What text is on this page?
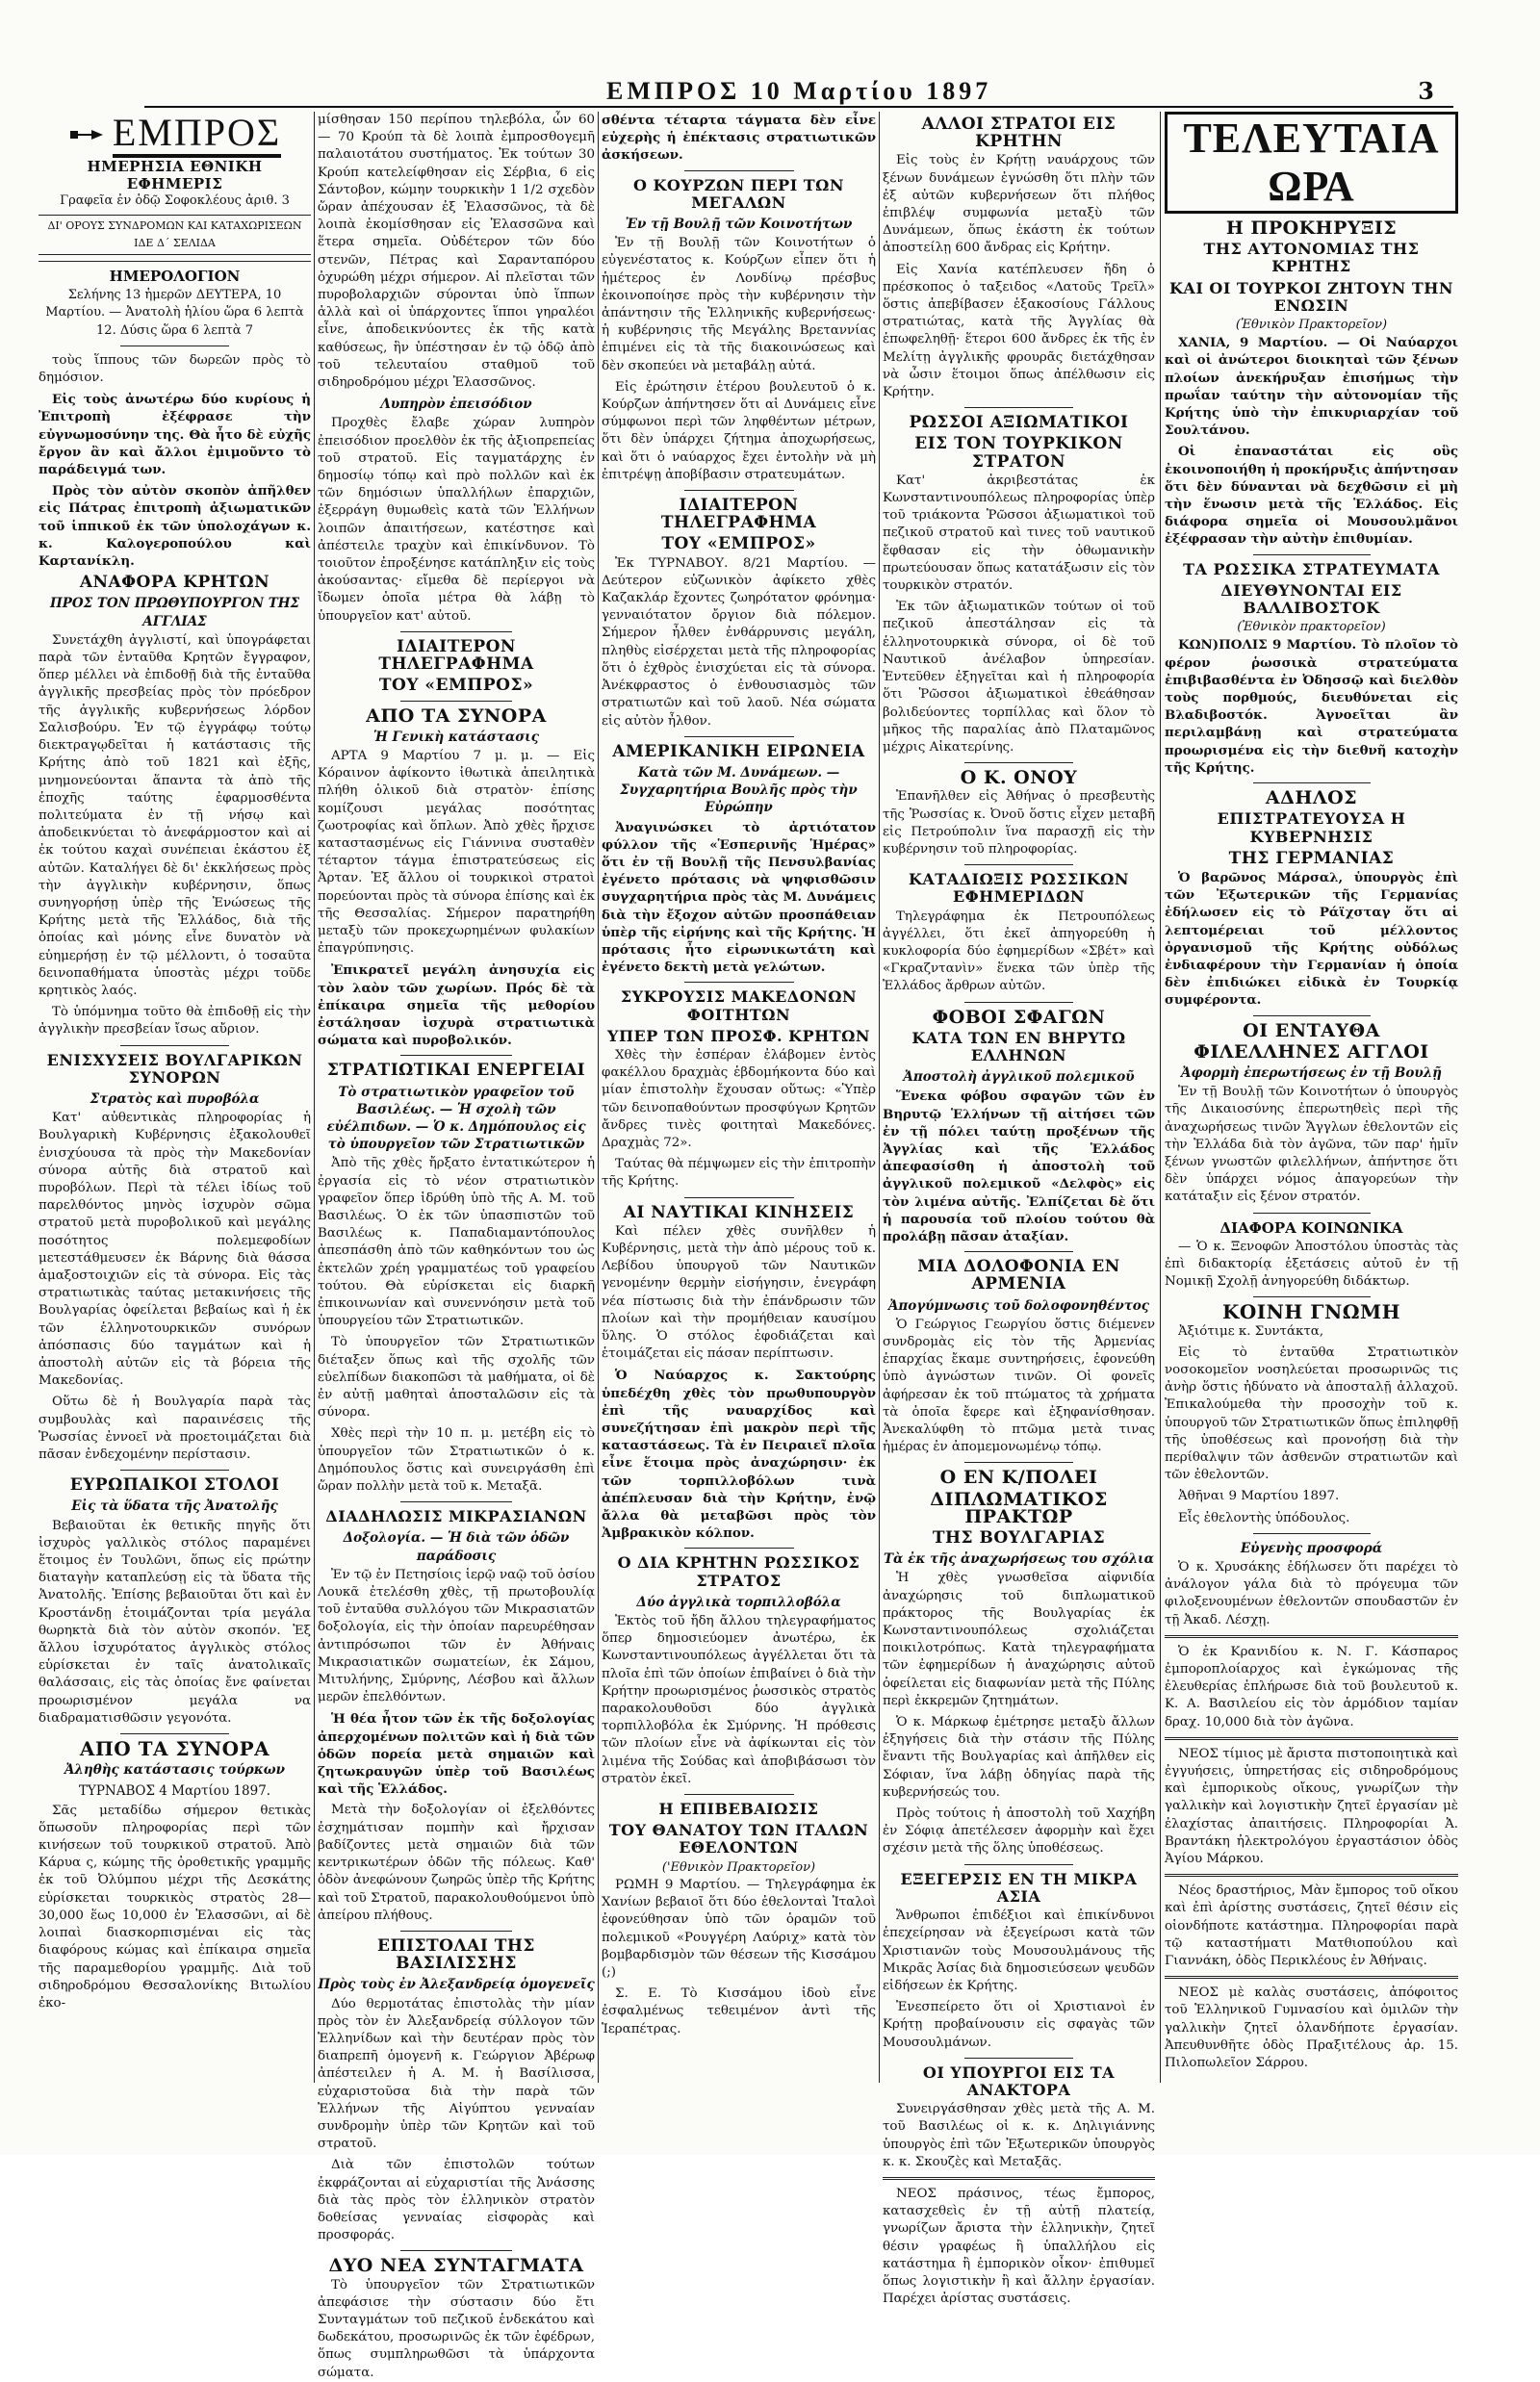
ΕΜΠΡΟΣ 10 Μαρτίου 1897	3
ΕΜΠΡΟΣ
ΗΜΕΡΗΣΙΑ ΕΘΝΙΚΗ ΕΦΗΜΕΡΙΣ
Γραφεῖα ἐν ὁδῷ Σοφοκλέους ἀριθ. 3
ΔΙ' ΟΡΟΥΣ ΣΥΝΔΡΟΜΩΝ ΚΑΙ ΚΑΤΑΧΩΡΙΣΕΩΝ ΙΔΕ Δ΄ ΣΕΛΙΔΑ
ΗΜΕΡΟΛΟΓΙΟΝ
Σελήνης 13 ἡμερῶν ΔΕΥΤΕΡΑ, 10 Μαρτίου. — Ἀνατολὴ ἡλίου ὥρα 6 λεπτὰ 12. Δύσις ὥρα 6 λεπτὰ 7

τοὺς ἵππους τῶν δωρεῶν πρὸς τὸ δημόσιον.

Εἰς τοὺς ἀνωτέρω δύο κυρίους ἡ Ἐπιτροπὴ ἐξέφρασε τὴν εὐγνωμοσύνην της. Θὰ ἦτο δὲ εὐχῆς ἔργον ἂν καὶ ἄλλοι ἐμιμοῦντο τὸ παράδειγμά των.

Πρὸς τὸν αὐτὸν σκοπὸν ἀπῆλθεν εἰς Πάτρας ἐπιτροπὴ ἀξιωματικῶν τοῦ ἱππικοῦ ἐκ τῶν ὑπολοχάγων κ. κ. Καλογεροπούλου καὶ Καρτανίκλη.

ΑΝΑΦΟΡΑ ΚΡΗΤΩΝ
ΠΡΟΣ ΤΟΝ ΠΡΩΘΥΠΟΥΡΓΟΝ ΤΗΣ ΑΓΓΛΙΑΣ

Συνετάχθη ἀγγλιστί, καὶ ὑπογράφεται παρὰ τῶν ἐνταῦθα Κρητῶν ἔγγραφον, ὅπερ μέλλει νὰ ἐπιδοθῇ διὰ τῆς ἐνταῦθα ἀγγλικῆς πρεσβείας πρὸς τὸν πρόεδρον τῆς ἀγγλικῆς κυβερνήσεως λόρδον Σαλισβούρυ. Ἐν τῷ ἐγγράφῳ τούτῳ διεκτραγῳδεῖται ἡ κατάστασις τῆς Κρήτης ἀπὸ τοῦ 1821 καὶ ἐξῆς, μνημονεύονται ἅπαντα τὰ ἀπὸ τῆς ἐποχῆς ταύτης ἐφαρμοσθέντα πολιτεύματα ἐν τῇ νήσῳ καὶ ἀποδεικνύεται τὸ ἀνεφάρμοστον καὶ αἱ ἐκ τούτου καχαὶ συνέπειαι ἑκάστου ἐξ αὐτῶν. Καταλήγει δὲ δι' ἐκκλήσεως πρὸς τὴν ἀγγλικὴν κυβέρνησιν, ὅπως συνηγορήσῃ ὑπὲρ τῆς Ἑνώσεως τῆς Κρήτης μετὰ τῆς Ἑλλάδος, διὰ τῆς ὁποίας καὶ μόνης εἶνε δυνατὸν νὰ εὐημερήσῃ ἐν τῷ μέλλοντι, ὁ τοσαῦτα δεινοπαθήματα ὑποστὰς μέχρι τοῦδε κρητικὸς λαός.

Τὸ ὑπόμνημα τοῦτο θὰ ἐπιδοθῇ εἰς τὴν ἀγγλικὴν πρεσβείαν ἴσως αὔριον.

ΕΝΙΣΧΥΣΕΙΣ ΒΟΥΛΓΑΡΙΚΩΝ ΣΥΝΟΡΩΝ
Στρατὸς καὶ πυροβόλα

Κατ' αὐθεντικὰς πληροφορίας ἡ Βουλγαρικὴ Κυβέρνησις ἐξακολουθεῖ ἐνισχύουσα τὰ πρὸς τὴν Μακεδονίαν σύνορα αὐτῆς διὰ στρατοῦ καὶ πυροβόλων. Περὶ τὰ τέλει ἰδίως τοῦ παρελθόντος μηνὸς ἰσχυρὸν σῶμα στρατοῦ μετὰ πυροβολικοῦ καὶ μεγάλης ποσότητος πολεμεφοδίων μετεστάθμευσεν ἐκ Βάρνης διὰ θάσσα ἀμαξοστοιχιῶν εἰς τὰ σύνορα. Εἰς τὰς στρατιωτικὰς ταύτας μετακινήσεις τῆς Βουλγαρίας ὀφείλεται βεβαίως καὶ ἡ ἐκ τῶν ἑλληνοτουρκικῶν συνόρων ἀπόσπασις δύο ταγμάτων καὶ ἡ ἀποστολὴ αὐτῶν εἰς τὰ βόρεια τῆς Μακεδονίας.

Οὕτω δὲ ἡ Βουλγαρία παρὰ τὰς συμβουλὰς καὶ παραινέσεις τῆς Ῥωσσίας ἐννοεῖ νὰ προετοιμάζεται διὰ πᾶσαν ἐνδεχομένην περίστασιν.

ΕΥΡΩΠΑΙΚΟΙ ΣΤΟΛΟΙ
Εἰς τὰ ὕδατα τῆς Ἀνατολῆς

Βεβαιοῦται ἐκ θετικῆς πηγῆς ὅτι ἰσχυρὸς γαλλικὸς στόλος παραμένει ἕτοιμος ἐν Τουλῶνι, ὅπως εἰς πρώτην διαταγὴν καταπλεύσῃ εἰς τὰ ὕδατα τῆς Ἀνατολῆς. Ἐπίσης βεβαιοῦται ὅτι καὶ ἐν Κροστάνδῃ ἑτοιμάζονται τρία μεγάλα θωρηκτὰ διὰ τὸν αὐτὸν σκοπόν. Ἐξ ἄλλου ἰσχυρότατος ἀγγλικὸς στόλος εὑρίσκεται ἐν ταῖς ἀνατολικαῖς θαλάσσαις, εἰς τὰς ὁποίας ἔνε φαίνεται προωρισμένον μεγάλα να διαδραματισθῶσιν γεγονότα.

ΑΠΟ ΤΑ ΣΥΝΟΡΑ
Ἀληθὴς κατάστασις τούρκων
ΤΥΡΝΑΒΟΣ 4 Μαρτίου 1897.

Σᾶς μεταδίδω σήμερον θετικὰς ὅπωσοῦν πληροφορίας περὶ τῶν κινήσεων τοῦ τουρκικοῦ στρατοῦ. Ἀπὸ Κάρυα ς, κώμης τῆς ὀροθετικῆς γραμμῆς ἐκ τοῦ Ὀλύμπου μέχρι τῆς Δεσκάτης εὑρίσκεται τουρκικὸς στρατὸς 28—30,000 ἕως 10,000 ἐν Ἐλασσῶνι, αἱ δὲ λοιπαὶ διασκορπισμέναι εἰς τὰς διαφόρους κώμας καὶ ἐπίκαιρα σημεῖα τῆς παραμεθορίου γραμμῆς. Διὰ τοῦ σιδηροδρόμου Θεσσαλονίκης Βιτωλίου ἐκο-

μίσθησαν 150 περίπου τηλεβόλα, ὧν 60 — 70 Κρούπ τὰ δὲ λοιπὰ ἐμπροσθογεμῆ παλαιοτάτου συστήματος. Ἐκ τούτων 30 Κρούπ κατελείφθησαν εἰς Σέρβια, 6 εἰς Σάντοβον, κώμην τουρκικὴν 1 1/2 σχεδὸν ὥραν ἀπέχουσαν ἐξ Ἐλασσῶνος, τὰ δὲ λοιπὰ ἐκομίσθησαν εἰς Ἐλασσῶνα καὶ ἕτερα σημεῖα. Οὐδέτερον τῶν δύο στενῶν, Πέτρας καὶ Σαρανταπόρου ὀχυρώθη μέχρι σήμερον. Αἱ πλεῖσται τῶν πυροβολαρχιῶν σύρονται ὑπὸ ἵππων ἀλλὰ καὶ οἱ ὑπάρχοντες ἵπποι γηραλέοι εἶνε, ἀποδεικνύοντες ἐκ τῆς κατὰ καθύσεως, ἣν ὑπέστησαν ἐν τῷ ὁδῷ ἀπὸ τοῦ τελευταίου σταθμοῦ τοῦ σιδηροδρόμου μέχρι Ἐλασσῶνος.

Λυπηρὸν ἐπεισόδιον

Προχθὲς ἔλαβε χώραν λυπηρὸν ἐπεισόδιον προελθὸν ἐκ τῆς ἀξιοπρεπείας τοῦ στρατοῦ. Εἰς ταγματάρχης ἐν δημοσίῳ τόπῳ καὶ πρὸ πολλῶν καὶ ἐκ τῶν δημόσιων ὑπαλλήλων ἐπαρχιῶν, ἐξερράγη θυμωθεὶς κατὰ τῶν Ἑλλήνων λοιπῶν ἀπαιτήσεων, κατέστησε καὶ ἀπέστειλε τραχὺν καὶ ἐπικίνδυνον. Τὸ τοιοῦτον ἐπροξένησε κατάπληξιν εἰς τοὺς ἀκούσαντας· εἴμεθα δὲ περίεργοι νὰ ἴδωμεν ὁποῖα μέτρα θὰ λάβῃ τὸ ὑπουργεῖον κατ' αὐτοῦ.

ΙΔΙΑΙΤΕΡΟΝ ΤΗΛΕΓΡΑΦΗΜΑ
ΤΟΥ «ΕΜΠΡΟΣ»
ΑΠΟ ΤΑ ΣΥΝΟΡΑ
Ἡ Γενικὴ κατάστασις

ΑΡΤΑ 9 Μαρτίου 7 μ. μ. — Εἰς Κόραινον ἀφίκοντο ἰθωτικὰ ἀπειλητικὰ πλήθη ὁλικοῦ διὰ στρατὸν· ἐπίσης κομίζουσι μεγάλας ποσότητας ζωοτροφίας καὶ ὅπλων. Ἀπὸ χθὲς ἤρχισε καταστασμένως εἰς Γιάννινα συσταθὲν τέταρτον τάγμα ἐπιστρατεύσεως εἰς Ἀρταν. Ἐξ ἄλλου οἱ τουρκικοὶ στρατοὶ πορεύονται πρὸς τὰ σύνορα ἐπίσης καὶ ἐκ τῆς Θεσσαλίας. Σήμερον παρατηρήθη μεταξὺ τῶν προκεχωρημένων φυλακίων ἐπαγρύπνησις.

Ἐπικρατεῖ μεγάλη ἀνησυχία εἰς τὸν λαὸν τῶν χωρίων. Πρός δὲ τὰ ἐπίκαιρα σημεῖα τῆς μεθορίου ἐστάλησαν ἰσχυρὰ στρατιωτικὰ σώματα καὶ πυροβολικόν.

ΣΤΡΑΤΙΩΤΙΚΑΙ ΕΝΕΡΓΕΙΑΙ
Τὸ στρατιωτικὸν γραφεῖον τοῦ Βασιλέως. — Ἡ σχολὴ τῶν εὐέλπιδων. — Ὁ κ. Δημόπουλος εἰς τὸ ὑπουργεῖον τῶν Στρατιωτικῶν

Ἀπὸ τῆς χθὲς ἤρξατο ἐντατικώτερον ἡ ἐργασία εἰς τὸ νέον στρατιωτικὸν γραφεῖον ὅπερ ἱδρύθη ὑπὸ τῆς Α. Μ. τοῦ Βασιλέως. Ὁ ἐκ τῶν ὑπασπιστῶν τοῦ Βασιλέως κ. Παπαδιαμαντόπουλος ἀπεσπάσθη ἀπὸ τῶν καθηκόντων του ὡς ἐκτελῶν χρέη γραμματέως τοῦ γραφείου τούτου. Θὰ εὑρίσκεται εἰς διαρκῆ ἐπικοινωνίαν καὶ συνεννόησιν μετὰ τοῦ ὑπουργείου τῶν Στρατιωτικῶν.

Τὸ ὑπουργεῖον τῶν Στρατιωτικῶν διέταξεν ὅπως καὶ τῆς σχολῆς τῶν εὐελπίδων διακοπῶσι τὰ μαθήματα, οἱ δὲ ἐν αὐτῇ μαθηταὶ ἀποσταλῶσιν εἰς τὰ σύνορα.

Χθὲς περὶ τὴν 10 π. μ. μετέβη εἰς τὸ ὑπουργεῖον τῶν Στρατιωτικῶν ὁ κ. Δημόπουλος ὅστις καὶ συνειργάσθη ἐπὶ ὥραν πολλὴν μετὰ τοῦ κ. Μεταξᾶ.

ΔΙΑΔΗΛΩΣΙΣ ΜΙΚΡΑΣΙΑΝΩΝ
Δοξολογία. — Ἡ διὰ τῶν ὁδῶν παράδοσις

Ἐν τῷ ἐν Πετησίοις ἱερῷ ναῷ τοῦ ὁσίου Λουκᾶ ἐτελέσθη χθὲς, τῇ πρωτοβουλίᾳ τοῦ ἐνταῦθα συλλόγου τῶν Μικρασιατῶν δοξολογία, εἰς τὴν ὁποίαν παρευρέθησαν ἀντιπρόσωποι τῶν ἐν Ἀθήναις Μικρασιατικῶν σωματείων, ἐκ Σάμου, Μιτυλήνης, Σμύρνης, Λέσβου καὶ ἄλλων μερῶν ἐπελθόντων.

Ἡ θέα ἦτον τῶν ἐκ τῆς δοξολογίας ἀπερχομένων πολιτῶν καὶ ἡ διὰ τῶν ὁδῶν πορεία μετὰ σημαιῶν καὶ ζητωκραυγῶν ὑπὲρ τοῦ Βασιλέως καὶ τῆς Ἑλλάδος.

Μετὰ τὴν δοξολογίαν οἱ ἐξελθόντες ἐσχημάτισαν πομπὴν καὶ ἤρχισαν βαδίζοντες μετὰ σημαιῶν διὰ τῶν κεντρικωτέρων ὁδῶν τῆς πόλεως. Καθ' ὁδὸν ἀνεφώνουν ζωηρῶς ὑπὲρ τῆς Κρήτης καὶ τοῦ Στρατοῦ, παρακολουθούμενοι ὑπὸ ἀπείρου πλήθους.

ΕΠΙΣΤΟΛΑΙ ΤΗΣ ΒΑΣΙΛΙΣΣΗΣ
Πρὸς τοὺς ἐν Ἀλεξανδρείᾳ ὁμογενεῖς

Δύο θερμοτάτας ἐπιστολὰς τὴν μίαν πρὸς τὸν ἐν Ἀλεξανδρείᾳ σύλλογον τῶν Ἑλληνίδων καὶ τὴν δευτέραν πρὸς τὸν διαπρεπῆ ὁμογενῆ κ. Γεώργιον Ἀβέρωφ ἀπέστειλεν ἡ Α. Μ. ἡ Βασίλισσα, εὐχαριστοῦσα διὰ τὴν παρὰ τῶν Ἑλλήνων τῆς Αἰγύπτου γενναίαν συνδρομὴν ὑπὲρ τῶν Κρητῶν καὶ τοῦ στρατοῦ.

Διὰ τῶν ἐπιστολῶν τούτων ἐκφράζονται αἱ εὐχαριστίαι τῆς Ἀνάσσης διὰ τὰς πρὸς τὸν ἑλληνικὸν στρατὸν δοθείσας γενναίας εἰσφορὰς καὶ προσφοράς.

ΔΥΟ ΝΕΑ ΣΥΝΤΑΓΜΑΤΑ

Τὸ ὑπουργεῖον τῶν Στρατιωτικῶν ἀπεφάσισε τὴν σύστασιν δύο ἔτι Συνταγμάτων τοῦ πεζικοῦ ἑνδεκάτου καὶ δωδεκάτου, προσωρινῶς ἐκ τῶν ἐφέδρων, ὅπως συμπληρωθῶσι τὰ ὑπάρχοντα σώματα.

σθέντα τέταρτα τάγματα δὲν εἶνε εὐχερὴς ἡ ἐπέκτασις στρατιωτικῶν ἀσκήσεων.

Ο ΚΟΥΡΖΩΝ ΠΕΡΙ ΤΩΝ ΜΕΓΑΛΩΝ
Ἐν τῇ Βουλῇ τῶν Κοινοτήτων

Ἐν τῇ Βουλῇ τῶν Κοινοτήτων ὁ εὐγενέστατος κ. Κούρζων εἶπεν ὅτι ἡ ἡμέτερος ἐν Λονδίνῳ πρέσβυς ἐκοινοποίησε πρὸς τὴν κυβέρνησιν τὴν ἀπάντησιν τῆς Ἑλληνικῆς κυβερνήσεως· ἡ κυβέρνησις τῆς Μεγάλης Βρεταννίας ἐπιμένει εἰς τὰ τῆς διακοινώσεως καὶ δὲν σκοπεύει νὰ μεταβάλῃ αὐτά.

Εἰς ἐρώτησιν ἑτέρου βουλευτοῦ ὁ κ. Κούρζων ἀπήντησεν ὅτι αἱ Δυνάμεις εἶνε σύμφωνοι περὶ τῶν ληφθέντων μέτρων, ὅτι δὲν ὑπάρχει ζήτημα ἀποχωρήσεως, καὶ ὅτι ὁ ναύαρχος ἔχει ἐντολὴν νὰ μὴ ἐπιτρέψῃ ἀποβίβασιν στρατευμάτων.

ΙΔΙΑΙΤΕΡΟΝ ΤΗΛΕΓΡΑΦΗΜΑ
ΤΟΥ «ΕΜΠΡΟΣ»

Ἐκ ΤΥΡΝΑΒΟΥ. 8/21 Μαρτίου. — Δεύτερον εὐζωνικὸν ἀφίκετο χθὲς Καζακλάρ ἔχοντες ζωηρότατον φρόνημα· γενναιότατον ὄργιον διὰ πόλεμον. Σήμερον ἦλθεν ἐνθάρρυνσις μεγάλη, πληθὺς εἰσέρχεται μετὰ τῆς πληροφορίας ὅτι ὁ ἐχθρὸς ἐνισχύεται εἰς τὰ σύνορα. Ἀνέκφραστος ὁ ἐνθουσιασμὸς τῶν στρατιωτῶν καὶ τοῦ λαοῦ. Νέα σώματα εἰς αὐτὸν ἦλθον.

ΑΜΕΡΙΚΑΝΙΚΗ ΕΙΡΩΝΕΙΑ
Κατὰ τῶν Μ. Δυνάμεων. — Συγχαρητήρια Βουλῆς πρὸς τὴν Εὐρώπην

Ἀναγινώσκει τὸ ἀρτιότατον φύλλον τῆς «Ἑσπερινῆς Ἡμέρας» ὅτι ἐν τῇ Βουλῇ τῆς Πενσυλβανίας ἐγένετο πρότασις νὰ ψηφισθῶσιν συγχαρητήρια πρὸς τὰς Μ. Δυνάμεις διὰ τὴν ἔξοχον αὐτῶν προσπάθειαν ὑπὲρ τῆς εἰρήνης καὶ τῆς Κρήτης. Ἡ πρότασις ἦτο εἰρωνικωτάτη καὶ ἐγένετο δεκτὴ μετὰ γελώτων.

ΣΥΚΡΟΥΣΙΣ ΜΑΚΕΔΟΝΩΝ ΦΟΙΤΗΤΩΝ
ΥΠΕΡ ΤΩΝ ΠΡΟΣΦ. ΚΡΗΤΩΝ

Χθὲς τὴν ἑσπέραν ἐλάβομεν ἐντὸς φακέλλου δραχμὰς ἑβδομήκοντα δύο καὶ μίαν ἐπιστολὴν ἔχουσαν οὕτως: «Ὑπὲρ τῶν δεινοπαθούντων προσφύγων Κρητῶν ἄνδρες τινὲς φοιτηταὶ Μακεδόνες. Δραχμὰς 72».

Ταύτας θὰ πέμψωμεν εἰς τὴν ἐπιτροπὴν τῆς Κρήτης.

ΑΙ ΝΑΥΤΙΚΑΙ ΚΙΝΗΣΕΙΣ

Καὶ πέλεν χθὲς συνῆλθεν ἡ Κυβέρνησις, μετὰ τὴν ἀπὸ μέρους τοῦ κ. Λεβίδου ὑπουργοῦ τῶν Ναυτικῶν γενομένην θερμὴν εἰσήγησιν, ἐνεγράφη νέα πίστωσις διὰ τὴν ἐπάνδρωσιν τῶν πλοίων καὶ τὴν προμήθειαν καυσίμου ὕλης. Ὁ στόλος ἐφοδιάζεται καὶ ἑτοιμάζεται εἰς πάσαν περίπτωσιν.

Ὁ Ναύαρχος κ. Σακτούρης ὑπεδέχθη χθὲς τὸν πρωθυπουργὸν ἐπὶ τῆς ναυαρχίδος καὶ συνεζήτησαν ἐπὶ μακρὸν περὶ τῆς καταστάσεως. Τὰ ἐν Πειραιεῖ πλοῖα εἶνε ἕτοιμα πρὸς ἀναχώρησιν· ἐκ τῶν τορπιλλοβόλων τινὰ ἀπέπλευσαν διὰ τὴν Κρήτην, ἐνῷ ἄλλα θὰ μεταβῶσι πρὸς τὸν Ἀμβρακικὸν κόλπον.

Ο ΔΙΑ ΚΡΗΤΗΝ ΡΩΣΣΙΚΟΣ ΣΤΡΑΤΟΣ
Δύο ἀγγλικὰ τορπιλλοβόλα

Ἐκτὸς τοῦ ἤδη ἄλλου τηλεγραφήματος ὅπερ δημοσιεύομεν ἀνωτέρω, ἐκ Κωνσταντινουπόλεως ἀγγέλλεται ὅτι τὰ πλοῖα ἐπὶ τῶν ὁποίων ἐπιβαίνει ὁ διὰ τὴν Κρήτην προωρισμένος ῥωσσικὸς στρατὸς παρακολουθοῦσι δύο ἀγγλικὰ τορπιλλοβόλα ἐκ Σμύρνης. Ἡ πρόθεσις τῶν πλοίων εἶνε νὰ ἀφίκωνται εἰς τὸν λιμένα τῆς Σούδας καὶ ἀποβιβάσωσι τὸν στρατὸν ἐκεῖ.

Η ΕΠΙΒΕΒΑΙΩΣΙΣ
ΤΟΥ ΘΑΝΑΤΟΥ ΤΩΝ ΙΤΑΛΩΝ ΕΘΕΛΟΝΤΩΝ
('Εθνικὸν Πρακτορεῖον)

ΡΩΜΗ 9 Μαρτίου. — Τηλεγράφημα ἐκ Χανίων βεβαιοῖ ὅτι δύο ἐθελονταὶ Ἰταλοὶ ἐφονεύθησαν ὑπὸ τῶν ὁραμῶν τοῦ πολεμικοῦ «Ρουγγέρη Λαύριχ» κατὰ τὸν βομβαρδισμὸν τῶν θέσεων τῆς Κισσάμου (;)

Σ. Ε. Τὸ Κισσάμου ἰδοὺ εἶνε ἐσφαλμένως τεθειμένον ἀντὶ τῆς Ἱεραπέτρας.

ΑΛΛΟΙ ΣΤΡΑΤΟΙ ΕΙΣ ΚΡΗΤΗΝ

Εἰς τοὺς ἐν Κρήτῃ ναυάρχους τῶν ξένων δυνάμεων ἐγνώσθη ὅτι πλὴν τῶν ἐξ αὐτῶν κυβερνήσεων ὅτι πλήθος ἐπιβλέψ συμφωνία μεταξὺ τῶν Δυνάμεων, ὅπως ἑκάστη ἐκ τούτων ἀποστείλῃ 600 ἄνδρας εἰς Κρήτην.

Εἰς Χανία κατέπλευσεν ἤδη ὁ πρέσκοπος ὁ ταξειδος «Λατοῦς Τρεῖλ» ὅστις ἀπεβίβασεν ἑξακοσίους Γάλλους στρατιώτας, κατὰ τῆς Ἀγγλίας θὰ ἐπωφεληθῇ· ἕτεροι 600 ἄνδρες ἐκ τῆς ἐν Μελίτῃ ἀγγλικῆς φρουρᾶς διετάχθησαν νὰ ὦσιν ἕτοιμοι ὅπως ἀπέλθωσιν εἰς Κρήτην.

ΡΩΣΣΟΙ ΑΞΙΩΜΑΤΙΚΟΙ
ΕΙΣ ΤΟΝ ΤΟΥΡΚΙΚΟΝ ΣΤΡΑΤΟΝ

Κατ' ἀκριβεστάτας ἐκ Κωνσταντινουπόλεως πληροφορίας ὑπὲρ τοῦ τριάκοντα Ῥῶσσοι ἀξιωματικοὶ τοῦ πεζικοῦ στρατοῦ καὶ τινες τοῦ ναυτικοῦ ἔφθασαν εἰς τὴν ὀθωμανικὴν πρωτεύουσαν ὅπως κατατάξωσιν εἰς τὸν τουρκικὸν στρατόν.

Ἐκ τῶν ἀξιωματικῶν τούτων οἱ τοῦ πεζικοῦ ἀπεστάλησαν εἰς τὰ ἑλληνοτουρκικὰ σύνορα, οἱ δὲ τοῦ Ναυτικοῦ ἀνέλαβον ὑπηρεσίαν. Ἐντεῦθεν ἐξηγεῖται καὶ ἡ πληροφορία ὅτι Ῥῶσσοι ἀξιωματικοὶ ἐθεάθησαν βολιδεύοντες τορπίλλας καὶ ὅλον τὸ μῆκος τῆς παραλίας ἀπὸ Πλαταμῶνος μέχρις Αἰκατερίνης.

Ο Κ. ΟΝΟΥ

Ἐπανῆλθεν εἰς Ἀθήνας ὁ πρεσβευτὴς τῆς Ῥωσσίας κ. Ὀνοῦ ὅστις εἶχεν μεταβῆ εἰς Πετρούπολιν ἵνα παρασχῇ εἰς τὴν κυβέρνησιν τοῦ πληροφορίας.

ΚΑΤΑΔΙΩΞΙΣ ΡΩΣΣΙΚΩΝ ΕΦΗΜΕΡΙΔΩΝ

Τηλεγράφημα ἐκ Πετρουπόλεως ἀγγέλλει, ὅτι ἐκεῖ ἀπηγορεύθη ἡ κυκλοφορία δύο ἐφημερίδων «Σβέτ» καὶ «Γκραζντανὶν» ἕνεκα τῶν ὑπὲρ τῆς Ἑλλάδος ἄρθρων αὐτῶν.

ΦΟΒΟΙ ΣΦΑΓΩΝ
ΚΑΤΑ ΤΩΝ ΕΝ ΒΗΡΥΤΩ ΕΛΛΗΝΩΝ
Ἀποστολὴ ἀγγλικοῦ πολεμικοῦ

Ἕνεκα φόβου σφαγῶν τῶν ἐν Βηρυτῷ Ἑλλήνων τῇ αἰτήσει τῶν ἐν τῇ πόλει ταύτῃ προξένων τῆς Ἀγγλίας καὶ τῆς Ἑλλάδος ἀπεφασίσθη ἡ ἀποστολὴ τοῦ ἀγγλικοῦ πολεμικοῦ «Δελφὸς» εἰς τὸν λιμένα αὐτῆς. Ἐλπίζεται δὲ ὅτι ἡ παρουσία τοῦ πλοίου τούτου θὰ προλάβῃ πᾶσαν ἀταξίαν.

ΜΙΑ ΔΟΛΟΦΟΝΙΑ ΕΝ ΑΡΜΕΝΙΑ
Ἀπογύμνωσις τοῦ δολοφονηθέντος

Ὁ Γεώργιος Γεωργίου ὅστις διέμενεν συνδρομὰς εἰς τὸν τῆς Ἀρμενίας ἐπαρχίας ἔκαμε συντηρήσεις, ἐφονεύθη ὑπὸ ἀγνώστων τινῶν. Οἱ φονεῖς ἀφήρεσαν ἐκ τοῦ πτώματος τὰ χρήματα τὰ ὁποῖα ἔφερε καὶ ἐξηφανίσθησαν. Ἀνεκαλύφθη τὸ πτῶμα μετὰ τινας ἡμέρας ἐν ἀπομεμονωμένῳ τόπῳ.

Ο ΕΝ Κ/ΠΟΛΕΙ
ΔΙΠΛΩΜΑΤΙΚΟΣ ΠΡΑΚΤΩΡ
ΤΗΣ ΒΟΥΛΓΑΡΙΑΣ
Τὰ ἐκ τῆς ἀναχωρήσεως του σχόλια

Ἡ χθὲς γνωσθεῖσα αἰφνιδία ἀναχώρησις τοῦ διπλωματικοῦ πράκτορος τῆς Βουλγαρίας ἐκ Κωνσταντινουπόλεως σχολιάζεται ποικιλοτρόπως. Κατὰ τηλεγραφήματα τῶν ἐφημερίδων ἡ ἀναχώρησις αὐτοῦ ὀφείλεται εἰς διαφωνίαν μετὰ τῆς Πύλης περὶ ἐκκρεμῶν ζητημάτων.

Ὁ κ. Μάρκωφ ἐμέτρησε μεταξὺ ἄλλων ἐξηγήσεις διὰ τὴν στάσιν τῆς Πύλης ἔναντι τῆς Βουλγαρίας καὶ ἀπῆλθεν εἰς Σόφιαν, ἵνα λάβῃ ὁδηγίας παρὰ τῆς κυβερνήσεώς του.

Πρὸς τούτοις ἡ ἀποστολὴ τοῦ Χαχήβη ἐν Σόφιᾳ ἀπετέλεσεν ἀφορμὴν καὶ ἔχει σχέσιν μετὰ τῆς ὅλης ὑποθέσεως.

ΕΞΕΓΕΡΣΙΣ ΕΝ ΤΗ ΜΙΚΡΑ ΑΣΙΑ

Ἄνθρωποι ἐπιδέξιοι καὶ ἐπικίνδυνοι ἐπεχείρησαν νὰ ἐξεγείρωσι κατὰ τῶν Χριστιανῶν τοὺς Μουσουλμάνους τῆς Μικρᾶς Ἀσίας διὰ δημοσιεύσεων ψευδῶν εἰδήσεων ἐκ Κρήτης.

Ἐνεσπείρετο ὅτι οἱ Χριστιανοὶ ἐν Κρήτῃ προβαίνουσιν εἰς σφαγὰς τῶν Μουσουλμάνων.

ΟΙ ΥΠΟΥΡΓΟΙ ΕΙΣ ΤΑ ΑΝΑΚΤΟΡΑ

Συνειργάσθησαν χθὲς μετὰ τῆς Α. Μ. τοῦ Βασιλέως οἱ κ. κ. Δηλιγιάννης ὑπουργὸς ἐπὶ τῶν Ἐξωτερικῶν ὑπουργὸς κ. κ. Σκουζὲς καὶ Μεταξᾶς.

ΝΕΟΣ πράσινος, τέως ἔμπορος, κατασχεθεὶς ἐν τῇ αὐτῇ πλατείᾳ, γνωρίζων ἄριστα τὴν ἑλληνικὴν, ζητεῖ θέσιν γραφέως ἢ ὑπαλλήλου εἰς κατάστημα ἢ ἐμπορικὸν οἶκον· ἐπιθυμεῖ ὅπως λογιστικὴν ἢ καὶ ἄλλην ἐργασίαν. Παρέχει ἀρίστας συστάσεις.

ΤΕΛΕΥΤΑΙΑ ΩΡΑ
Η ΠΡΟΚΗΡΥΞΙΣ
ΤΗΣ ΑΥΤΟΝΟΜΙΑΣ ΤΗΣ ΚΡΗΤΗΣ
ΚΑΙ ΟΙ ΤΟΥΡΚΟΙ ΖΗΤΟΥΝ ΤΗΝ ΕΝΩΣΙΝ
(Ἐθνικὸν Πρακτορεῖον)

ΧΑΝΙΑ, 9 Μαρτίου. — Οἱ Ναύαρχοι καὶ οἱ ἀνώτεροι διοικηταὶ τῶν ξένων πλοίων ἀνεκήρυξαν ἐπισήμως τὴν πρωΐαν ταύτην τὴν αὐτονομίαν τῆς Κρήτης ὑπὸ τὴν ἐπικυριαρχίαν τοῦ Σουλτάνου.

Οἱ ἐπαναστάται εἰς οὓς ἐκοινοποιήθη ἡ προκήρυξις ἀπήντησαν ὅτι δὲν δύνανται νὰ δεχθῶσιν εἰ μὴ τὴν ἕνωσιν μετὰ τῆς Ἑλλάδος. Εἰς διάφορα σημεῖα οἱ Μουσουλμᾶνοι ἐξέφρασαν τὴν αὐτὴν ἐπιθυμίαν.

ΤΑ ΡΩΣΣΙΚΑ ΣΤΡΑΤΕΥΜΑΤΑ
ΔΙΕΥΘΥΝΟΝΤΑΙ ΕΙΣ ΒΑΛΛΙΒΟΣΤΟΚ
(Ἐθνικὸν πρακτορεῖον)

ΚΩΝ)ΠΟΛΙΣ 9 Μαρτίου. Τὸ πλοῖον τὸ φέρον ῥωσσικὰ στρατεύματα ἐπιβιβασθέντα ἐν Ὀδησσῷ καὶ διελθὸν τοὺς πορθμούς, διευθύνεται εἰς Βλαδιβοστόκ. Ἀγνοεῖται ἂν περιλαμβάνῃ καὶ στρατεύματα προωρισμένα εἰς τὴν διεθνῆ κατοχὴν τῆς Κρήτης.

ΑΔΗΛΟΣ
ΕΠΙΣΤΡΑΤΕΥΟΥΣΑ Η ΚΥΒΕΡΝΗΣΙΣ
ΤΗΣ ΓΕΡΜΑΝΙΑΣ

Ὁ βαρῶνος Μάρσαλ, ὑπουργὸς ἐπὶ τῶν Ἐξωτερικῶν τῆς Γερμανίας ἐδήλωσεν εἰς τὸ Ράϊχσταγ ὅτι αἱ λεπτομέρειαι τοῦ μέλλοντος ὀργανισμοῦ τῆς Κρήτης οὐδόλως ἐνδιαφέρουν τὴν Γερμανίαν ἡ ὁποία δὲν ἐπιδιώκει εἰδικὰ ἐν Τουρκίᾳ συμφέροντα.

ΟΙ ΕΝΤΑΥΘΑ
ΦΙΛΕΛΛΗΝΕΣ ΑΓΓΛΟΙ
Ἀφορμὴ ἐπερωτήσεως ἐν τῇ Βουλῇ

Ἐν τῇ Βουλῇ τῶν Κοινοτήτων ὁ ὑπουργὸς τῆς Δικαιοσύνης ἐπερωτηθεὶς περὶ τῆς ἀναχωρήσεως τινῶν Ἄγγλων ἐθελοντῶν εἰς τὴν Ἑλλάδα διὰ τὸν ἀγῶνα, τῶν παρ' ἡμῖν ξένων γνωστῶν φιλελλήνων, ἀπήντησε ὅτι δὲν ὑπάρχει νόμος ἀπαγορεύων τὴν κατάταξιν εἰς ξένον στρατόν.

ΔΙΑΦΟΡΑ ΚΟΙΝΩΝΙΚΑ

— Ὁ κ. Ξενοφῶν Ἀποστόλου ὑποστὰς τὰς ἐπὶ διδακτορίᾳ ἐξετάσεις αὐτοῦ ἐν τῇ Νομικῇ Σχολῇ ἀνηγορεύθη διδάκτωρ.

ΚΟΙΝΗ ΓΝΩΜΗ

Ἀξιότιμε κ. Συντάκτα,

Εἰς τὸ ἐνταῦθα Στρατιωτικὸν νοσοκομεῖον νοσηλεύεται προσωρινῶς τις ἀνὴρ ὅστις ἠδύνατο νὰ ἀποσταλῇ ἀλλαχοῦ. Ἐπικαλούμεθα τὴν προσοχὴν τοῦ κ. ὑπουργοῦ τῶν Στρατιωτικῶν ὅπως ἐπιληφθῇ τῆς ὑποθέσεως καὶ προνοήσῃ διὰ τὴν περίθαλψιν τῶν ἀσθενῶν στρατιωτῶν καὶ τῶν ἐθελοντῶν.

Ἀθῆναι 9 Μαρτίου 1897.

Εἷς ἐθελοντὴς ὑπόδουλος.

Εὐγενὴς προσφορά

Ὁ κ. Χρυσάκης ἐδήλωσεν ὅτι παρέχει τὸ ἀνάλογον γάλα διὰ τὸ πρόγευμα τῶν φιλοξενουμένων ἐθελοντῶν σπουδαστῶν ἐν τῇ Ἀκαδ. Λέσχῃ.

Ὁ ἐκ Κρανιδίου κ. Ν. Γ. Κάσπαρος ἐμποροπλοίαρχος καὶ ἐγκώμονας τῆς ἐλευθερίας ἐπλήρωσε διὰ τοῦ βουλευτοῦ κ. Κ. Α. Βασιλείου εἰς τὸν ἁρμόδιον ταμίαν δραχ. 10,000 διὰ τὸν ἀγῶνα.

ΝΕΟΣ τίμιος μὲ ἄριστα πιστοποιητικὰ καὶ ἐγγυήσεις, ὑπηρετήσας εἰς σιδηροδρόμους καὶ ἐμπορικοὺς οἴκους, γνωρίζων τὴν γαλλικὴν καὶ λογιστικὴν ζητεῖ ἐργασίαν μὲ ἐλαχίστας ἀπαιτήσεις. Πληροφορίαι Ἀ. Βραντάκη ἠλεκτρολόγου ἐργαστάσιον ὁδὸς Ἀγίου Μάρκου.

Νέος δραστήριος, Μὰν ἔμπορος τοῦ οἴκου καὶ ἐπὶ ἀρίστης συστάσεις, ζητεῖ θέσιν εἰς οἱονδήποτε κατάστημα. Πληροφορίαι παρὰ τῷ καταστήματι Ματθιοπούλου καὶ Γιαννάκη, ὁδὸς Περικλέους ἐν Ἀθήναις.

ΝΕΟΣ μὲ καλὰς συστάσεις, ἀπόφοιτος τοῦ Ἑλληνικοῦ Γυμνασίου καὶ ὁμιλῶν τὴν γαλλικὴν ζητεῖ ὁλανδήποτε ἐργασίαν. Ἀπευθυνθῆτε ὁδὸς Πραξιτέλους ἀρ. 15. Πιλοπωλεῖον Σάρρου.
